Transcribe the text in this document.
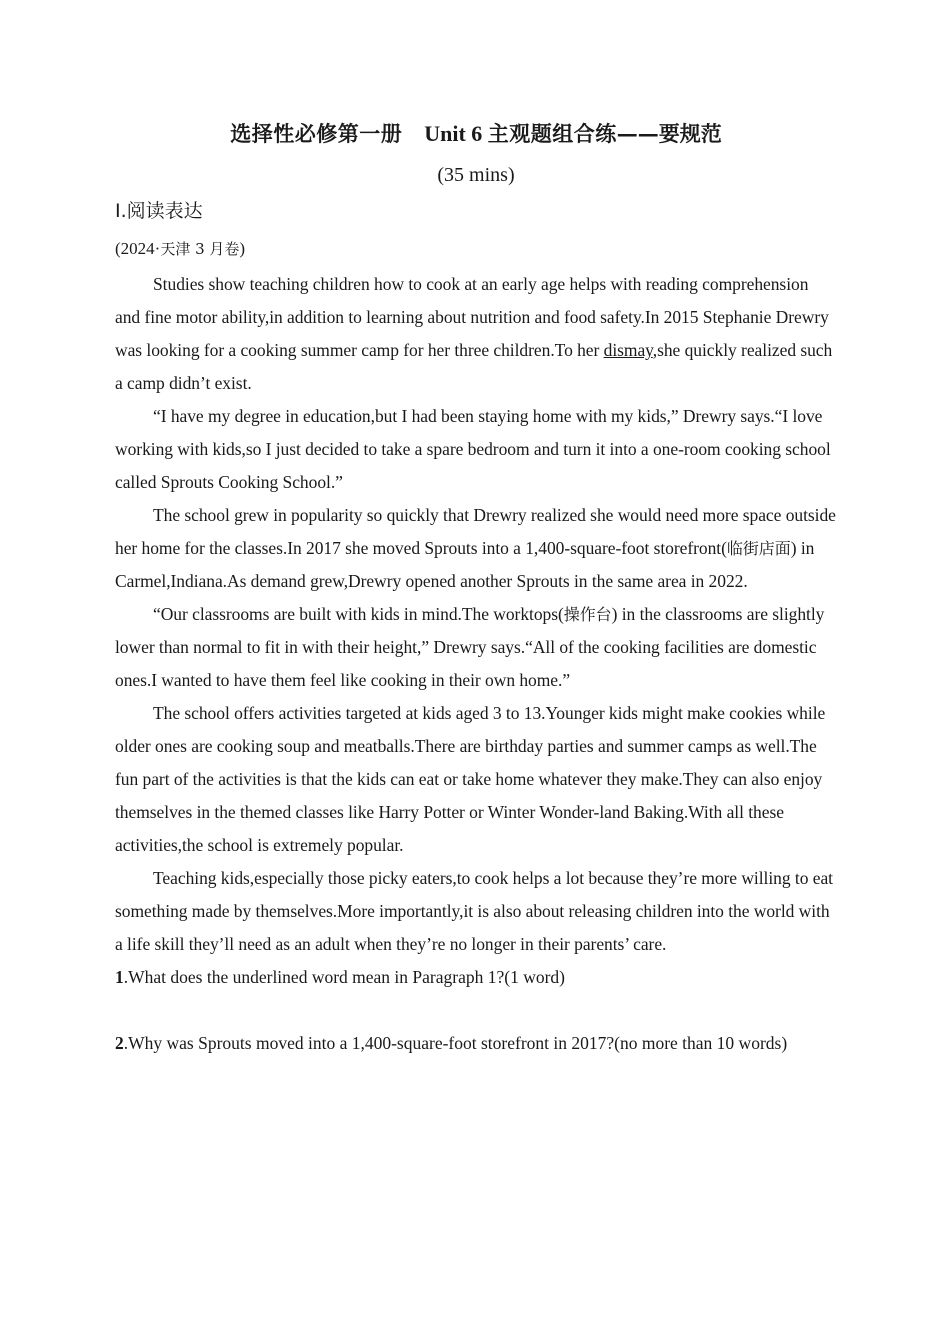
选择性必修第一册 Unit 6 主观题组合练——要规范

(35 mins)

Ⅰ.阅读表达

(2024·天津 3 月卷)

Studies show teaching children how to cook at an early age helps with reading comprehension and fine motor ability,in addition to learning about nutrition and food safety.In 2015 Stephanie Drewry was looking for a cooking summer camp for her three children.To her dismay,she quickly realized such a camp didn’t exist.

“I have my degree in education,but I had been staying home with my kids,” Drewry says.“I love working with kids,so I just decided to take a spare bedroom and turn it into a one-room cooking school called Sprouts Cooking School.”

The school grew in popularity so quickly that Drewry realized she would need more space outside her home for the classes.In 2017 she moved Sprouts into a 1,400-square-foot storefront(临街店面) in Carmel,Indiana.As demand grew,Drewry opened another Sprouts in the same area in 2022.

“Our classrooms are built with kids in mind.The worktops(操作台) in the classrooms are slightly lower than normal to fit in with their height,” Drewry says.“All of the cooking facilities are domestic ones.I wanted to have them feel like cooking in their own home.”

The school offers activities targeted at kids aged 3 to 13.Younger kids might make cookies while older ones are cooking soup and meatballs.There are birthday parties and summer camps as well.The fun part of the activities is that the kids can eat or take home whatever they make.They can also enjoy themselves in the themed classes like Harry Potter or Winter Wonder-land Baking.With all these activities,the school is extremely popular.

Teaching kids,especially those picky eaters,to cook helps a lot because they’re more willing to eat something made by themselves.More importantly,it is also about releasing children into the world with a life skill they’ll need as an adult when they’re no longer in their parents’ care.

1.What does the underlined word mean in Paragraph 1?(1 word)

2.Why was Sprouts moved into a 1,400-square-foot storefront in 2017?(no more than 10 words)
